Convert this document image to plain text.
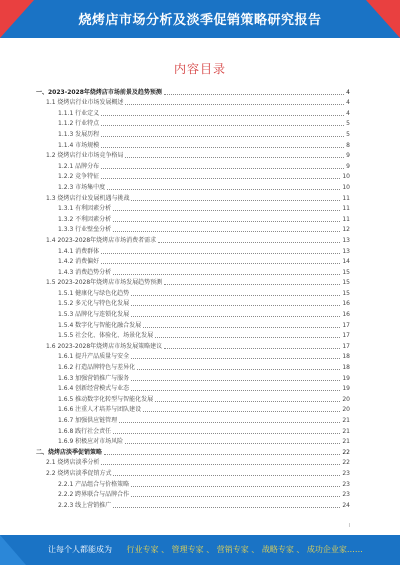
烧烤店市场分析及淡季促销策略研究报告
内容目录
一、2023-2028年烧烤店市场前景及趋势预测	4
1.1 烧烤店行业市场发展概述	4
1.1.1 行业定义	4
1.1.2 行业特点	5
1.1.3 发展历程	5
1.1.4 市场规模	8
1.2 烧烤店行业市场竞争格局	9
1.2.1 品牌分布	9
1.2.2 竞争特征	10
1.2.3 市场集中度	10
1.3 烧烤店行业发展机遇与挑战	11
1.3.1 有利因素分析	11
1.3.2 不利因素分析	11
1.3.3 行业壁垒分析	12
1.4 2023-2028年烧烤店市场消费者需求	13
1.4.1 消费群体	13
1.4.2 消费偏好	14
1.4.3 消费趋势分析	15
1.5 2023-2028年烧烤店市场发展趋势预测	15
1.5.1 健康化与绿色化趋势	15
1.5.2 多元化与特色化发展	16
1.5.3 品牌化与连锁化发展	16
1.5.4 数字化与智能化融合发展	17
1.5.5 社会化、体验化、场景化发展	17
1.6 2023-2028年烧烤店市场发展策略建议	17
1.6.1 提升产品质量与安全	18
1.6.2 打造品牌特色与差异化	18
1.6.3 加强营销推广与服务	19
1.6.4 创新经营模式与业态	19
1.6.5 推动数字化转型与智能化发展	20
1.6.6 注重人才培养与团队建设	20
1.6.7 加强供应链管理	21
1.6.8 践行社会责任	21
1.6.9 积极应对市场风险	21
二、烧烤店淡季促销策略	22
2.1 烧烤店淡季分析	22
2.2 烧烤店淡季促销方式	23
2.2.1 产品组合与价格策略	23
2.2.2 跨界联合与品牌合作	23
2.2.3 线上营销推广	24
I
让每个人都能成为 行业专家 、 管理专家 、 营销专家 、 战略专家 、 成功企业家……
